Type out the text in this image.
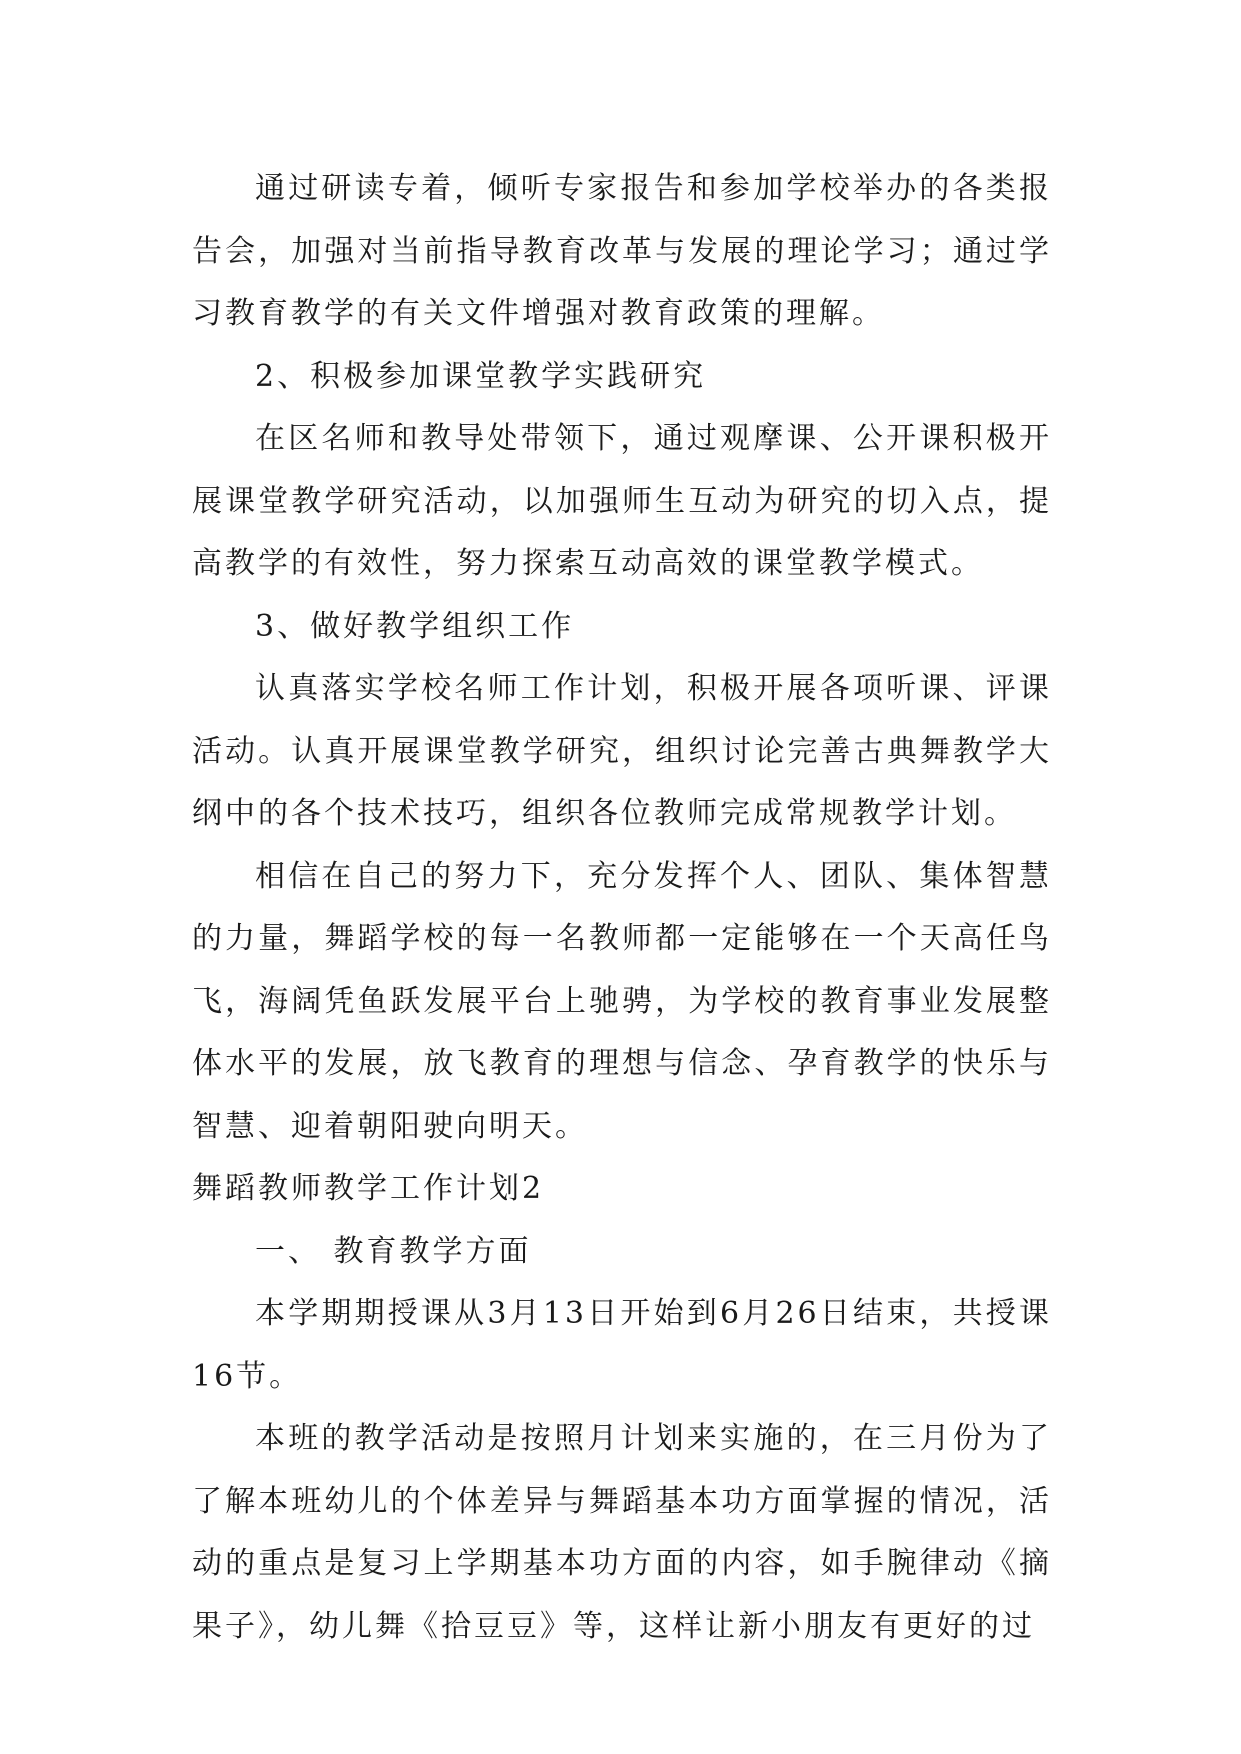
通过研读专着，倾听专家报告和参加学校举办的各类报告会，加强对当前指导教育改革与发展的理论学习；通过学习教育教学的有关文件增强对教育政策的理解。

2、积极参加课堂教学实践研究

在区名师和教导处带领下，通过观摩课、公开课积极开展课堂教学研究活动，以加强师生互动为研究的切入点，提高教学的有效性，努力探索互动高效的课堂教学模式。

3、做好教学组织工作

认真落实学校名师工作计划，积极开展各项听课、评课活动。认真开展课堂教学研究，组织讨论完善古典舞教学大纲中的各个技术技巧，组织各位教师完成常规教学计划。

相信在自己的努力下，充分发挥个人、团队、集体智慧的力量，舞蹈学校的每一名教师都一定能够在一个天高任鸟飞，海阔凭鱼跃发展平台上驰骋，为学校的教育事业发展整体水平的发展，放飞教育的理想与信念、孕育教学的快乐与智慧、迎着朝阳驶向明天。

舞蹈教师教学工作计划2

一、 教育教学方面

本学期期授课从3月13日开始到6月26日结束，共授课16节。

本班的教学活动是按照月计划来实施的，在三月份为了了解本班幼儿的个体差异与舞蹈基本功方面掌握的情况，活动的重点是复习上学期基本功方面的内容，如手腕律动《摘果子》，幼儿舞《拾豆豆》等，这样让新小朋友有更好的过
